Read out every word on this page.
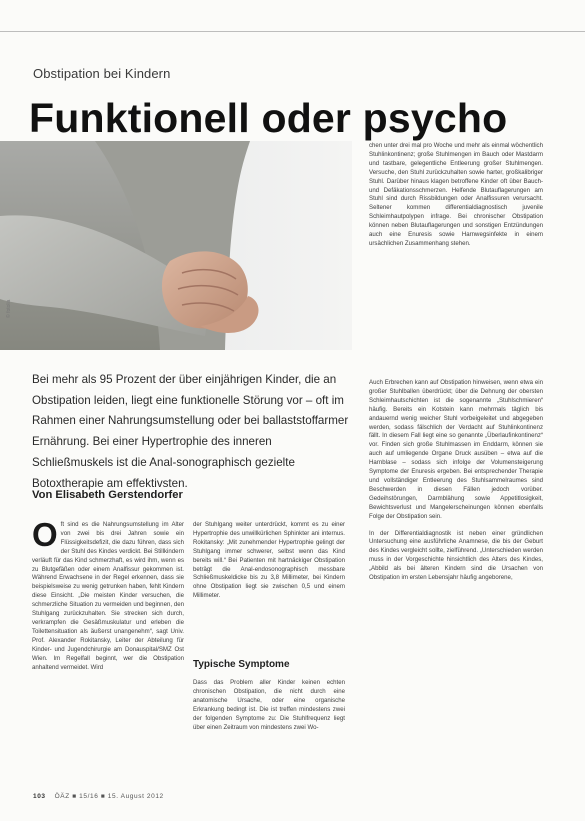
Obstipation bei Kindern
Funktionell oder psycho
© fotolia
Bei mehr als 95 Prozent der über einjährigen Kinder, die an Obstipation leiden, liegt eine funktionelle Störung vor – oft im Rahmen einer Nahrungsumstellung oder bei ballaststoffarmer Ernährung. Bei einer Hypertrophie des inneren Schließmuskels ist die Anal-sonographisch gezielte Botoxtherapie am effektivsten.
Von Elisabeth Gerstendorfer
Oft sind es die Nahrungsumstellung im Alter von zwei bis drei Jahren sowie ein Flüssigkeitsdefizit, die dazu führen, dass sich der Stuhl des Kindes verdickt. Bei Stillkindern verläuft für das Kind schmerzhaft, es wird ihm, wenn es zu Blutgefäßen oder einem Analfissur gekommen ist. Während Erwachsene in der Regel erkennen, dass sie beispielsweise zu wenig getrunken haben, fehlt Kindern diese Einsicht. „Die meisten Kinder versuchen, die schmerzliche Situation zu vermeiden und beginnen, den Stuhlgang zurückzuhalten. Sie strecken sich durch, verkrampfen die Gesäßmuskulatur und erleben die Toilettensituation als äußerst unangenehm“, sagt Univ. Prof. Alexander Rokitansky, Leiter der Abteilung für Kinder- und Jugendchirurgie am Donauspital/SMZ Ost Wien. Im Regelfall beginnt, wer die Obstipation anhaltend vermeidet. Wird

der Stuhlgang weiter unterdrückt, kommt es zu einer Hypertrophie des unwillkürlichen Sphinkter ani internus. Rokitansky: „Mit zunehmender Hypertrophie gelingt der Stuhlgang immer schwerer, selbst wenn das Kind bereits will.“ Bei Patienten mit hartnäckiger Obstipation beträgt die Anal-endosonographisch messbare Schließmuskeldicke bis zu 3,8 Millimeter, bei Kindern ohne Obstipation liegt sie zwischen 0,5 und einem Millimeter.

Typische Symptome

Dass das Problem aller Kinder keinen echten chronischen Obstipation, die nicht durch eine anatomische Ursache, oder eine organische Erkrankung bedingt ist. Die ist treffen mindestens zwei der folgenden Symptome zu: Die Stuhlfrequenz liegt über einen Zeitraum von mindestens zwei Wo-

chen unter drei mal pro Woche und mehr als einmal wöchentlich Stuhlinkontinenz; große Stuhlmengen im Bauch oder Mastdarm und tastbare, gelegentliche Entleerung großer Stuhlmengen. Versuche, den Stuhl zurückzuhalten sowie harter, großkalibriger Stuhl. Darüber hinaus klagen betroffene Kinder oft über Bauch- und Defäkationsschmerzen. Helfende Blutauflagerungen am Stuhl sind durch Rissbildungen oder Analfissuren verursacht. Seltener kommen differentialdiagnostisch juvenile Schleimhautpolypen infrage. Bei chronischer Obstipation können neben Blutauflagerungen und sonstigen Entzündungen auch eine Enuresis sowie Harnwegsinfekte in einem ursächlichen Zusammenhang stehen.

Auch Erbrechen kann auf Obstipation hinweisen, wenn etwa ein großer Stuhlballen überdrückt; über die Dehnung der obersten Schleimhautschichten ist die sogenannte „Stuhlschmieren“ häufig. Bereits ein Kotstein kann mehrmals täglich bis andauernd wenig weicher Stuhl vorbeigeleitet und abgegeben werden, sodass fälschlich der Verdacht auf Stuhlinkontinenz fällt. In diesem Fall liegt eine so genannte „Überlaufinkontinenz“ vor. Finden sich große Stuhlmassen im Enddarm, können sie auch auf umliegende Organe Druck ausüben – etwa auf die Harnblase – sodass sich infolge der Volumensteigerung Symptome der Enuresis ergeben. Bei entsprechender Therapie und vollständiger Entleerung des Stuhlsammelraumes sind Beschwerden in diesen Fällen jedoch vorüber. Gedeihstörungen, Darmblähung sowie Appetitlosigkeit, Bewichtsverlust und Mangelerscheinungen können ebenfalls Folge der Obstipation sein.

In der Differentialdiagnostik ist neben einer gründlichen Untersuchung eine ausführliche Anamnese, die bis der Geburt des Kindes vergleicht sollte, zielführend. „Unterschieden werden muss in der Vorgeschichte hinsichtlich des Alters des Kindes, „Abbild als bei älteren Kindern sind die Ursachen von Obstipation im ersten Lebensjahr häufig angeborene,

103 ÖÄZ ■ 15/16 ■ 15. August 2012
